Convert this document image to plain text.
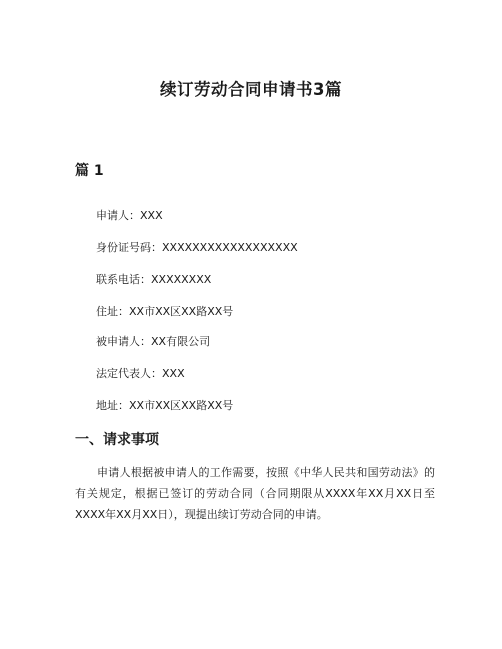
续订劳动合同申请书3篇
篇 1

申请人：XXX

身份证号码：XXXXXXXXXXXXXXXXXX

联系电话：XXXXXXXX

住址：XX市XX区XX路XX号

被申请人：XX有限公司

法定代表人：XXX

地址：XX市XX区XX路XX号

一、请求事项

申请人根据被申请人的工作需要，按照《中华人民共和国劳动法》的有关规定，根据已签订的劳动合同（合同期限从XXXX年XX月XX日至XXXX年XX月XX日），现提出续订劳动合同的申请。
